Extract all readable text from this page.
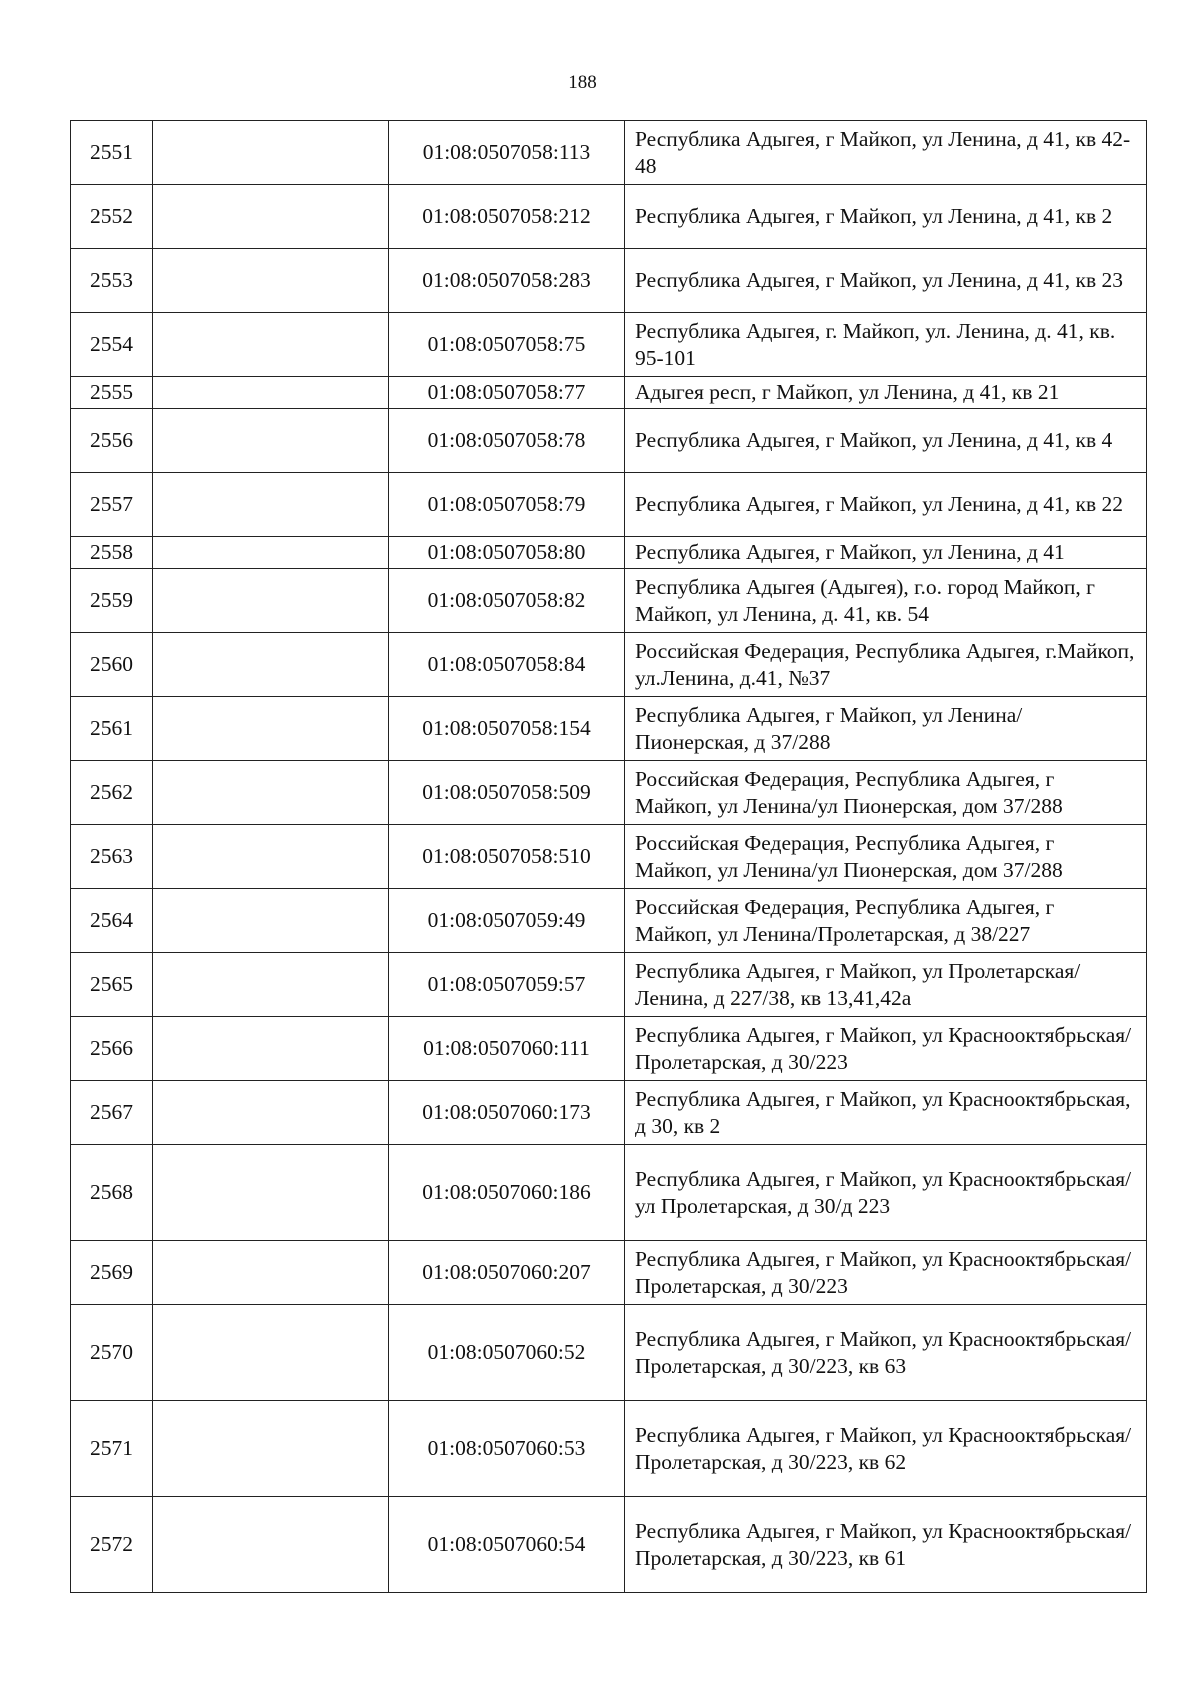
188
2551		01:08:0507058:113	Республика Адыгея, г Майкоп, ул Ленина, д 41, кв 42-48
2552		01:08:0507058:212	Республика Адыгея, г Майкоп, ул Ленина, д 41, кв 2
2553		01:08:0507058:283	Республика Адыгея, г Майкоп, ул Ленина, д 41, кв 23
2554		01:08:0507058:75	Республика Адыгея, г. Майкоп, ул. Ленина, д. 41, кв. 95-101
2555		01:08:0507058:77	Адыгея респ, г Майкоп, ул Ленина, д 41, кв 21
2556		01:08:0507058:78	Республика Адыгея, г Майкоп, ул Ленина, д 41, кв 4
2557		01:08:0507058:79	Республика Адыгея, г Майкоп, ул Ленина, д 41, кв 22
2558		01:08:0507058:80	Республика Адыгея, г Майкоп, ул Ленина, д 41
2559		01:08:0507058:82	Республика Адыгея (Адыгея), г.о. город Майкоп, г Майкоп, ул Ленина, д. 41, кв. 54
2560		01:08:0507058:84	Российская Федерация, Республика Адыгея, г.Майкоп, ул.Ленина, д.41, №37
2561		01:08:0507058:154	Республика Адыгея, г Майкоп, ул Ленина/Пионерская, д 37/288
2562		01:08:0507058:509	Российская Федерация, Республика Адыгея, г Майкоп, ул Ленина/ул Пионерская, дом 37/288
2563		01:08:0507058:510	Российская Федерация, Республика Адыгея, г Майкоп, ул Ленина/ул Пионерская, дом 37/288
2564		01:08:0507059:49	Российская Федерация, Республика Адыгея, г Майкоп, ул Ленина/Пролетарская, д 38/227
2565		01:08:0507059:57	Республика Адыгея, г Майкоп, ул Пролетарская/Ленина, д 227/38, кв 13,41,42а
2566		01:08:0507060:111	Республика Адыгея, г Майкоп, ул Краснооктябрьская/Пролетарская, д 30/223
2567		01:08:0507060:173	Республика Адыгея, г Майкоп, ул Краснооктябрьская, д 30, кв 2
2568		01:08:0507060:186	Республика Адыгея, г Майкоп, ул Краснооктябрьская/ул Пролетарская, д 30/д 223
2569		01:08:0507060:207	Республика Адыгея, г Майкоп, ул Краснооктябрьская/Пролетарская, д 30/223
2570		01:08:0507060:52	Республика Адыгея, г Майкоп, ул Краснооктябрьская/Пролетарская, д 30/223, кв 63
2571		01:08:0507060:53	Республика Адыгея, г Майкоп, ул Краснооктябрьская/Пролетарская, д 30/223, кв 62
2572		01:08:0507060:54	Республика Адыгея, г Майкоп, ул Краснооктябрьская/Пролетарская, д 30/223, кв 61
